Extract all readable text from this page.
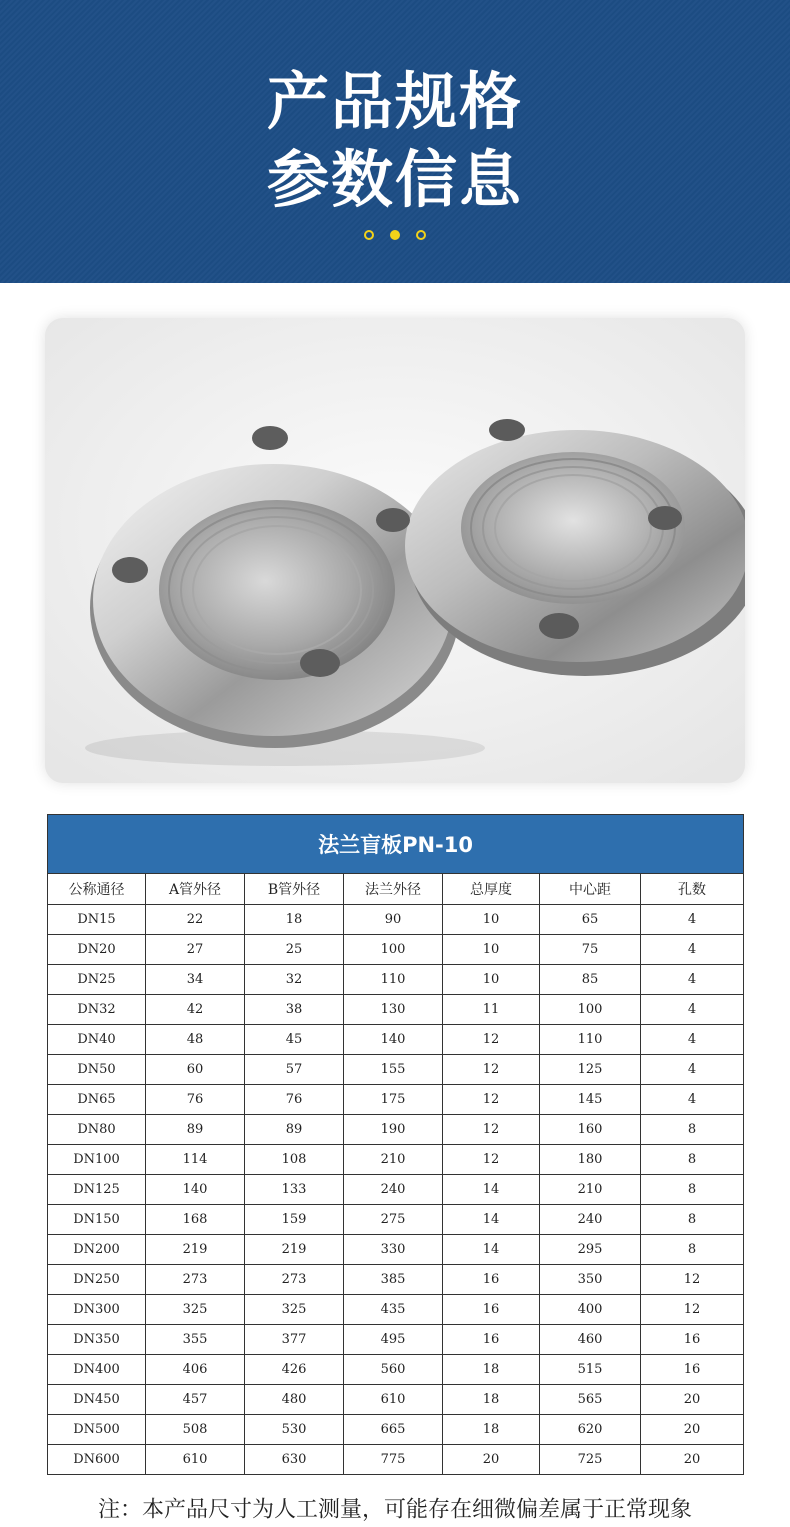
产品规格
参数信息
法兰盲板PN-10						
公称通径	A管外径	B管外径	法兰外径	总厚度	中心距	孔数
DN15	22	18	90	10	65	4
DN20	27	25	100	10	75	4
DN25	34	32	110	10	85	4
DN32	42	38	130	11	100	4
DN40	48	45	140	12	110	4
DN50	60	57	155	12	125	4
DN65	76	76	175	12	145	4
DN80	89	89	190	12	160	8
DN100	114	108	210	12	180	8
DN125	140	133	240	14	210	8
DN150	168	159	275	14	240	8
DN200	219	219	330	14	295	8
DN250	273	273	385	16	350	12
DN300	325	325	435	16	400	12
DN350	355	377	495	16	460	16
DN400	406	426	560	18	515	16
DN450	457	480	610	18	565	20
DN500	508	530	665	18	620	20
DN600	610	630	775	20	725	20
注：本产品尺寸为人工测量，可能存在细微偏差属于正常现象
